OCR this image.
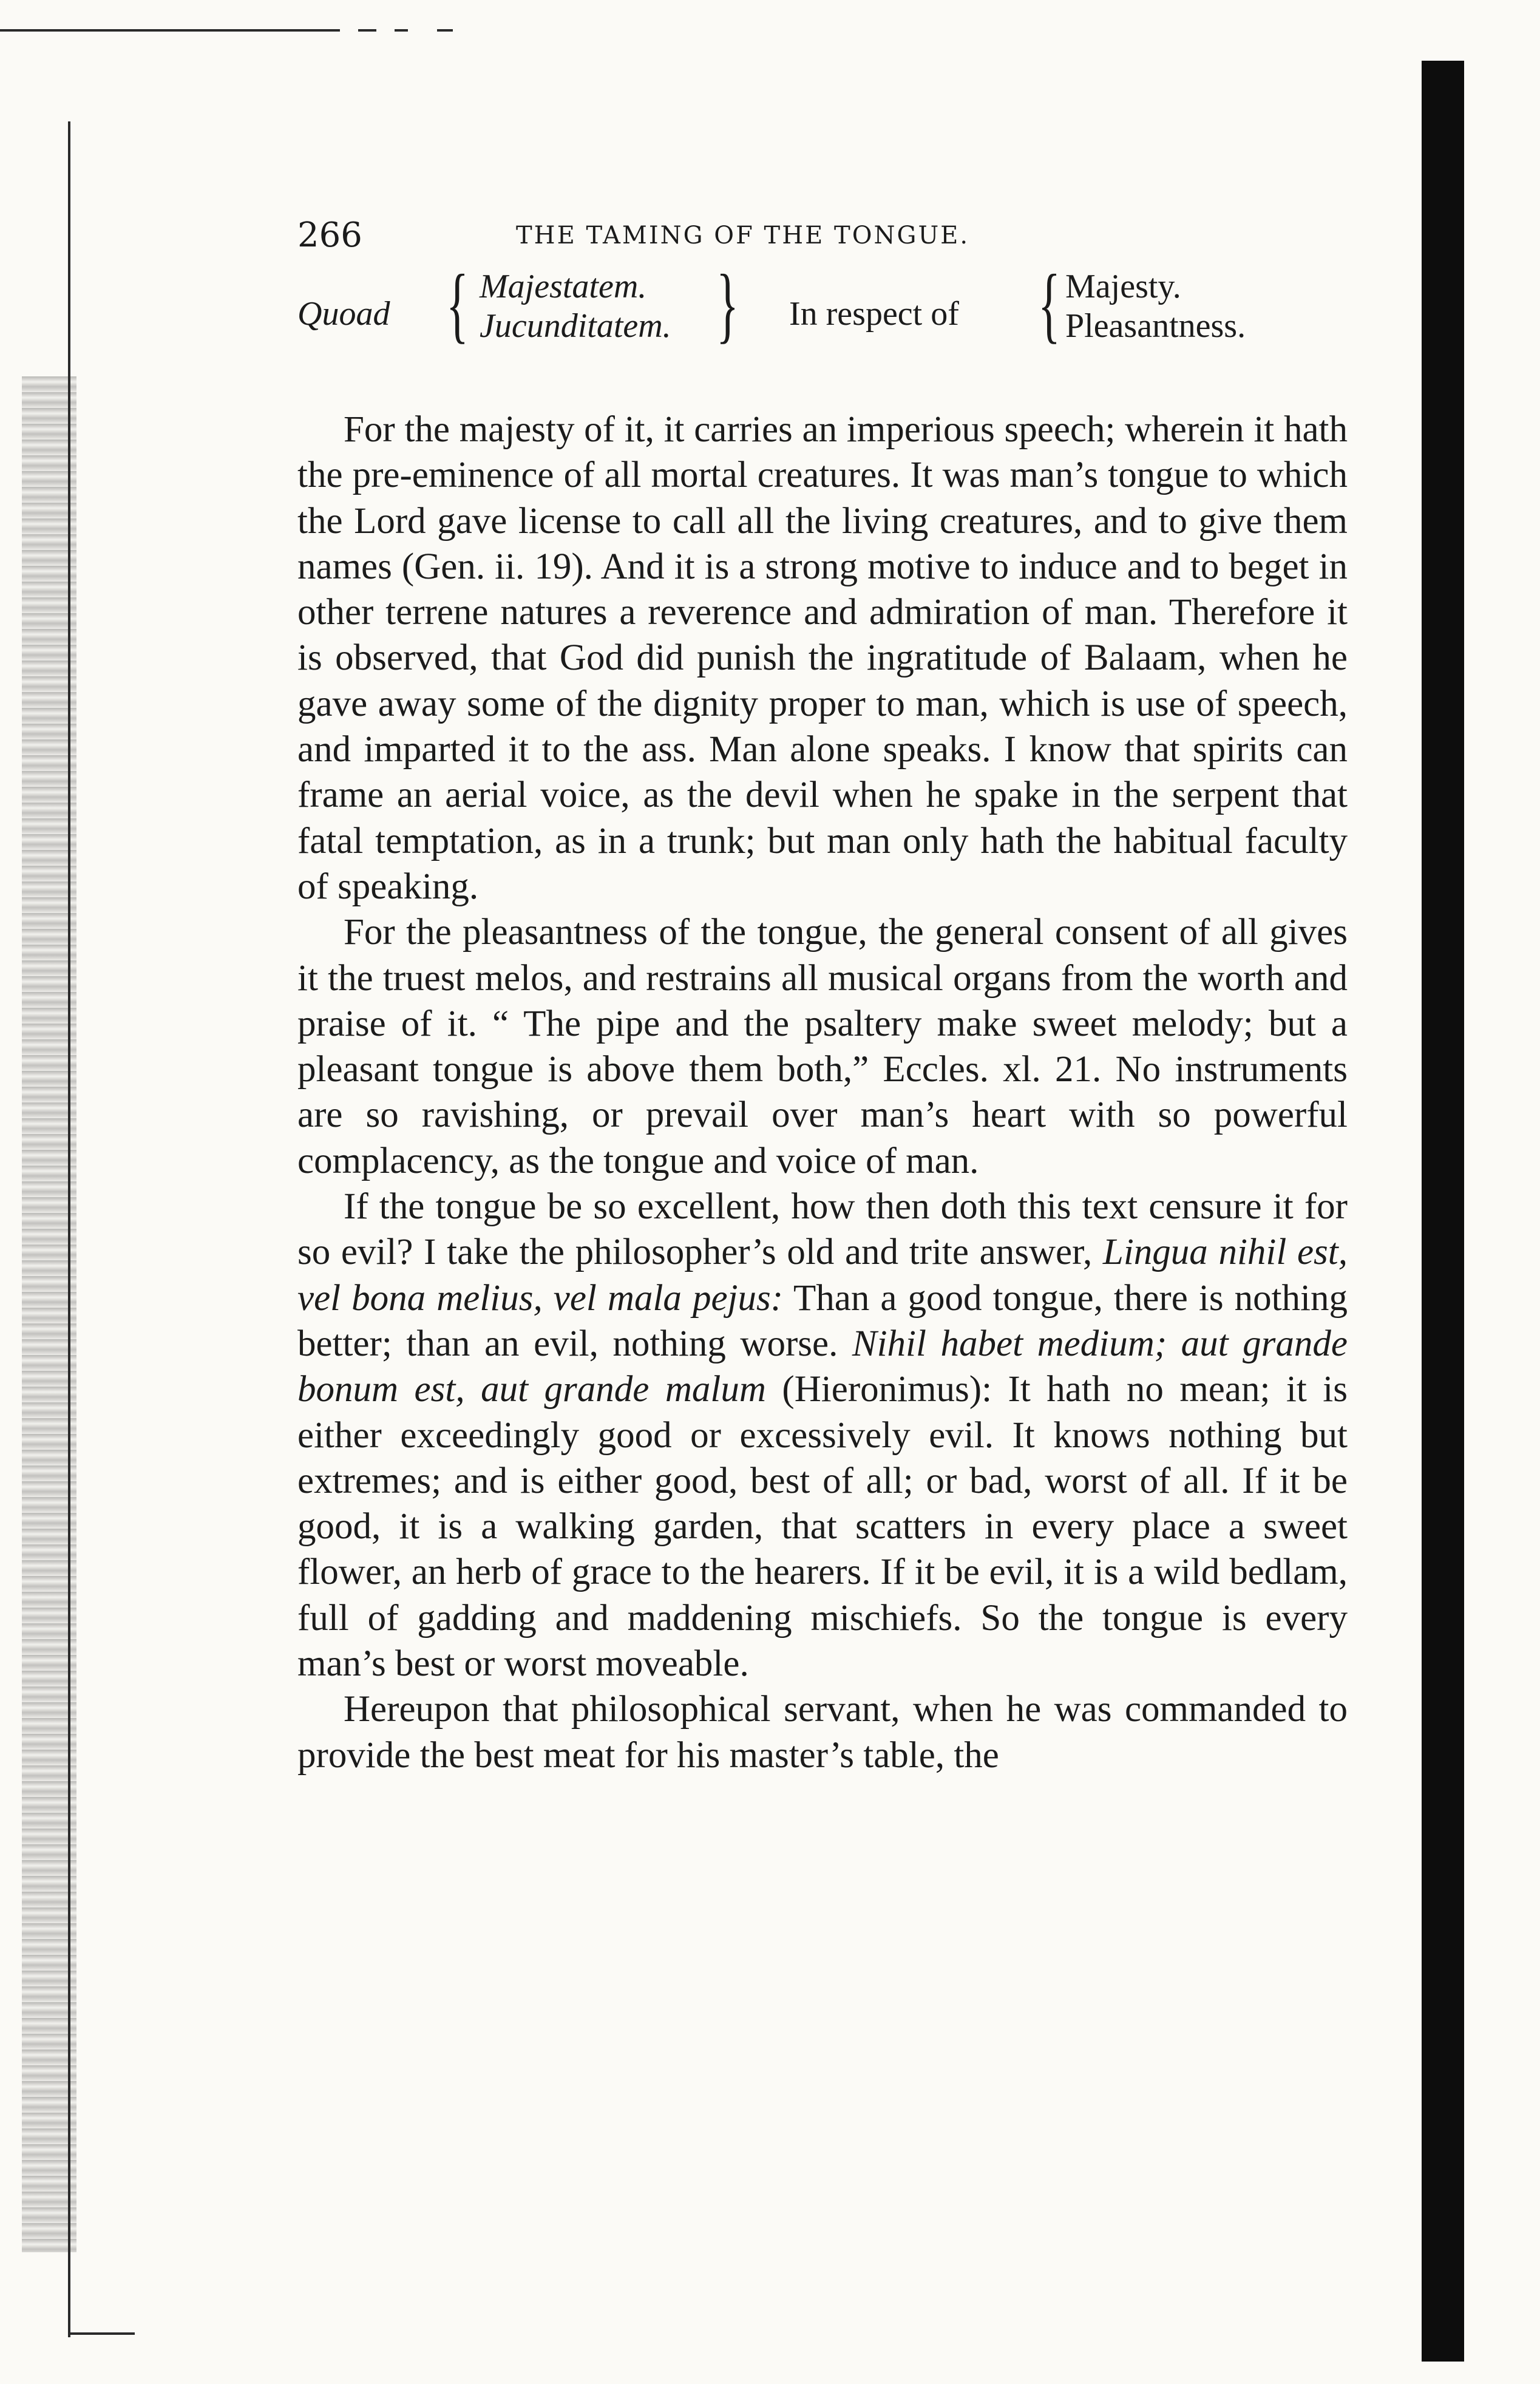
266	THE TAMING OF THE TONGUE.
Quoad { Majestatem.
Jucunditatem. } In respect of { Majesty.
Pleasantness.

For the majesty of it, it carries an imperious speech; wherein it hath the pre-eminence of all mortal creatures. It was man’s tongue to which the Lord gave license to call all the living creatures, and to give them names (Gen. ii. 19). And it is a strong motive to induce and to beget in other terrene natures a reverence and admiration of man. Therefore it is observed, that God did punish the ingratitude of Balaam, when he gave away some of the dignity proper to man, which is use of speech, and imparted it to the ass. Man alone speaks. I know that spirits can frame an aerial voice, as the devil when he spake in the serpent that fatal temptation, as in a trunk; but man only hath the habitual faculty of speaking.

For the pleasantness of the tongue, the general consent of all gives it the truest melos, and restrains all musical organs from the worth and praise of it. “ The pipe and the psaltery make sweet melody; but a pleasant tongue is above them both,” Eccles. xl. 21. No instruments are so ravishing, or prevail over man’s heart with so powerful complacency, as the tongue and voice of man.

If the tongue be so excellent, how then doth this text censure it for so evil? I take the philosopher’s old and trite answer, Lingua nihil est, vel bona melius, vel mala pejus: Than a good tongue, there is nothing better; than an evil, nothing worse. Nihil habet medium; aut grande bonum est, aut grande malum (Hieronimus): It hath no mean; it is either exceedingly good or excessively evil. It knows nothing but extremes; and is either good, best of all; or bad, worst of all. If it be good, it is a walking garden, that scatters in every place a sweet flower, an herb of grace to the hearers. If it be evil, it is a wild bedlam, full of gadding and maddening mischiefs. So the tongue is every man’s best or worst moveable.

Hereupon that philosophical servant, when he was commanded to provide the best meat for his master’s table, the
